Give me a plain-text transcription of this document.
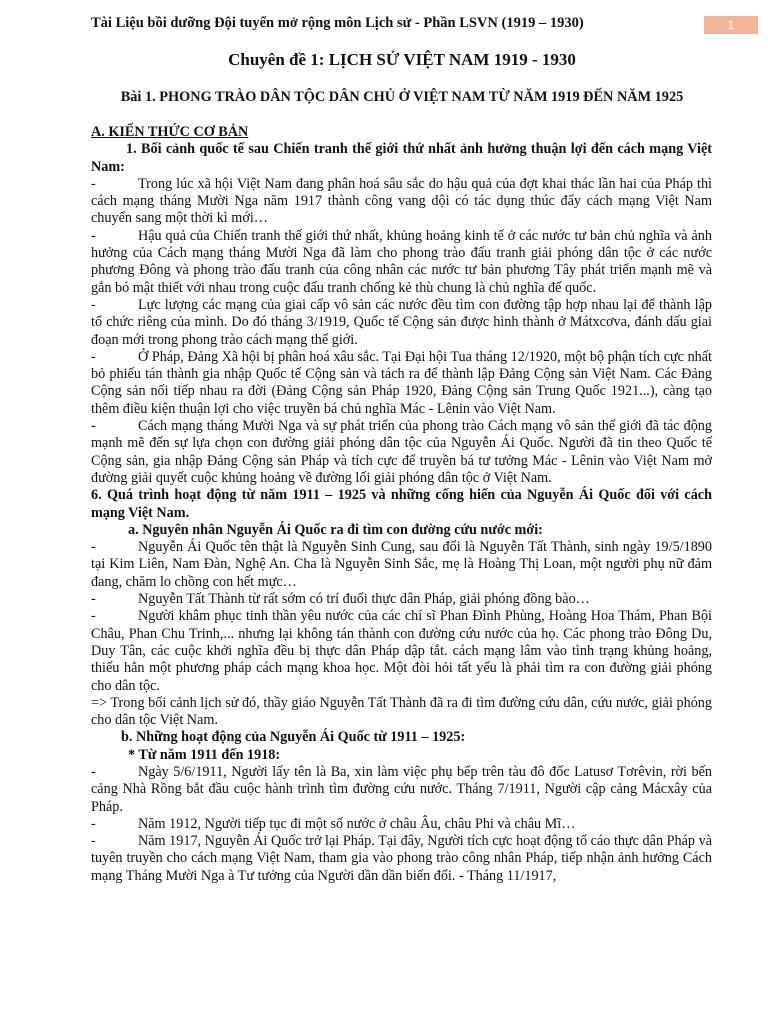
Tài Liệu bồi dưỡng Đội tuyển mở rộng môn Lịch sử - Phần LSVN (1919 – 1930)	1
Chuyên đề 1: LỊCH SỬ VIỆT NAM 1919 - 1930
Bài 1. PHONG TRÀO DÂN TỘC DÂN CHỦ Ở VIỆT NAM TỪ NĂM 1919 ĐẾN NĂM 1925

A. KIẾN THỨC CƠ BẢN

1. Bối cảnh quốc tế sau Chiến tranh thế giới thứ nhất ảnh hưởng thuận lợi đến cách mạng Việt Nam:

-	Trong lúc xã hội Việt Nam đang phân hoá sâu sắc do hậu quả của đợt khai thác lần hai của Pháp thì cách mạng tháng Mười Nga năm 1917 thành công vang dội có tác dụng thúc đẩy cách mạng Việt Nam chuyển sang một thời kì mới…

-	Hậu quả của Chiến tranh thế giới thứ nhất, khủng hoảng kinh tế ở các nước tư bản chủ nghĩa và ảnh hưởng của Cách mạng tháng Mười Nga đã làm cho phong trào đấu tranh giải phóng dân tộc ở các nước phương Đông và phong trào đấu tranh của công nhân các nước tư bản phương Tây phát triển mạnh mẽ và gắn bó mật thiết với nhau trong cuộc đấu tranh chống kẻ thù chung là chủ nghĩa đế quốc.

-	Lực lượng các mạng của giai cấp vô sản các nước đều tìm con đường tập hợp nhau lại để thành lập tổ chức riêng của mình. Do đó tháng 3/1919, Quốc tế Cộng sản được hình thành ở Mátxcơva, đánh dấu giai đoạn mới trong phong trào cách mạng thế giới.

-	Ở Pháp, Đảng Xã hội bị phân hoá xâu sắc. Tại Đại hội Tua tháng 12/1920, một bộ phận tích cực nhất bỏ phiếu tán thành gia nhập Quốc tế Cộng sản và tách ra để thành lập Đảng Cộng sản Việt Nam. Các Đảng Cộng sản nối tiếp nhau ra đời (Đảng Cộng sản Pháp 1920, Đảng Cộng sản Trung Quốc 1921...), càng tạo thêm điều kiện thuận lợi cho việc truyền bá chủ nghĩa Mác - Lênin vào Việt Nam.

-	Cách mạng tháng Mười Nga và sự phát triển của phong trào Cách mạng vô sản thế giới đã tác động mạnh mẽ đến sự lựa chọn con đường giải phóng dân tộc của Nguyễn Ái Quốc. Người đã tin theo Quốc tế Cộng sản, gia nhập Đảng Cộng sản Pháp và tích cực để truyền bá tư tưởng Mác - Lênin vào Việt Nam mở đường giải quyết cuộc khủng hoảng về đường lối giải phóng dân tộc ở Việt Nam.

6. Quá trình hoạt động từ năm 1911 – 1925 và những cống hiến của Nguyễn Ái Quốc đối với cách mạng Việt Nam.

a. Nguyên nhân Nguyễn Ái Quốc ra đi tìm con đường cứu nước mới:

-	Nguyễn Ái Quốc tên thật là Nguyễn Sinh Cung, sau đổi là Nguyễn Tất Thành, sinh ngày 19/5/1890 tại Kim Liên, Nam Đàn, Nghệ An. Cha là Nguyễn Sinh Sắc, mẹ là Hoàng Thị Loan, một người phụ nữ đảm đang, chăm lo chồng con hết mực…

-	Nguyễn Tất Thành từ rất sớm có trí đuổi thực dân Pháp, giải phóng đồng bào…

-	Người khâm phục tinh thần yêu nước của các chí sĩ Phan Đình Phùng, Hoàng Hoa Thám, Phan Bội Châu, Phan Chu Trinh,... nhưng lại không tán thành con đường cứu nước của họ. Các phong trào Đông Du, Duy Tân, các cuộc khởi nghĩa đều bị thực dân Pháp dập tắt. cách mạng lâm vào tình trạng khủng hoảng, thiếu hẳn một phương pháp cách mạng khoa học. Một đòi hỏi tất yếu là phải tìm ra con đường giải phóng cho dân tộc.

=> Trong bối cảnh lịch sử đó, thầy giáo Nguyễn Tất Thành đã ra đi tìm đường cứu dân, cứu nước, giải phóng cho dân tộc Việt Nam.

b. Những hoạt động của Nguyễn Ái Quốc từ 1911 – 1925:

* Từ năm 1911 đến 1918:

-	Ngày 5/6/1911, Người lấy tên là Ba, xin làm việc phụ bếp trên tàu đô đốc Latusơ Tơrêvin, rời bến cảng Nhà Rồng bắt đầu cuộc hành trình tìm đường cứu nước. Tháng 7/1911, Người cập cảng Mácxây của Pháp.

-	Năm 1912, Người tiếp tục đi một số nước ở châu Âu, châu Phi và châu Mĩ…

-	Năm 1917, Nguyễn Ái Quốc trở lại Pháp. Tại đây, Người tích cực hoạt động tố cáo thực dân Pháp và tuyên truyền cho cách mạng Việt Nam, tham gia vào phong trào công nhân Pháp, tiếp nhận ảnh hưởng Cách mạng Tháng Mười Nga à Tư tưởng của Người dần dần biến đổi. - Tháng 11/1917,
